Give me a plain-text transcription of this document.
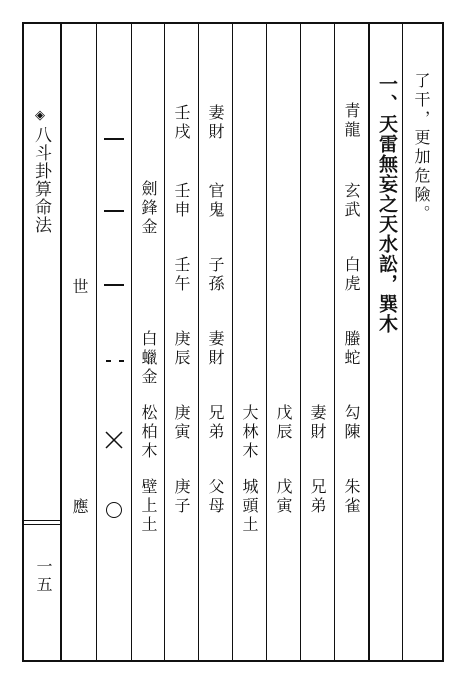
◈
八斗卦算命法
一五
了干，更加危險。
一、天雷無妄之天水訟，巽木
青龍
玄武
白虎
螣蛇
勾陳
朱雀
妻財
兄弟
戊辰
戊寅
大林木
城頭土
妻財
官鬼
子孫
妻財
兄弟
父母
壬戌
壬申
壬午
庚辰
庚寅
庚子
劍鋒金
白蠟金
松柏木
壁上土
世
應
